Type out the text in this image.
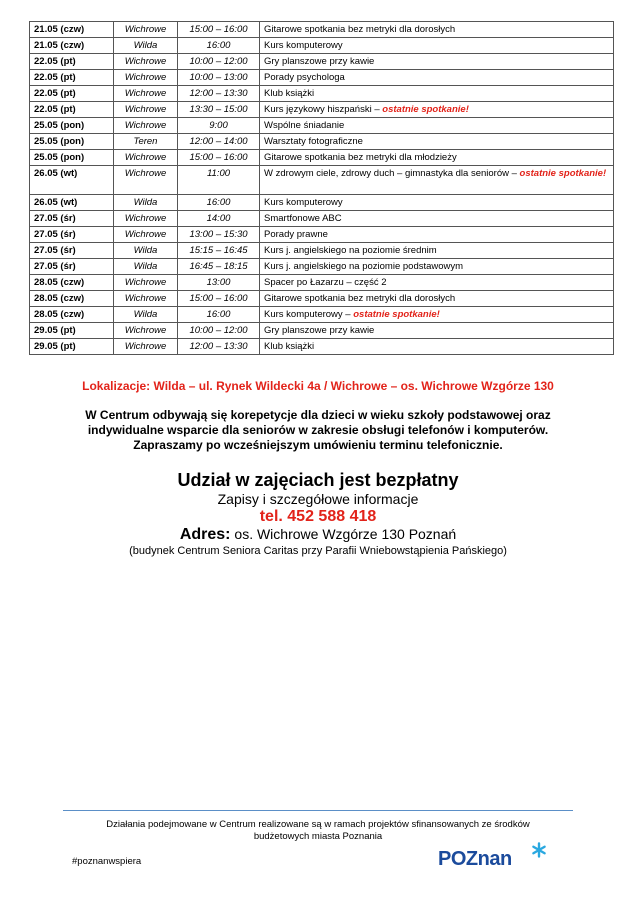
21.05 (czw)	Wichrowe	15:00 – 16:00	Gitarowe spotkania bez metryki dla dorosłych
21.05 (czw)	Wilda	16:00	Kurs komputerowy
22.05 (pt)	Wichrowe	10:00 – 12:00	Gry planszowe przy kawie
22.05 (pt)	Wichrowe	10:00 – 13:00	Porady psychologa
22.05 (pt)	Wichrowe	12:00 – 13:30	Klub książki
22.05 (pt)	Wichrowe	13:30 – 15:00	Kurs językowy hiszpański – ostatnie spotkanie!
25.05 (pon)	Wichrowe	9:00	Wspólne śniadanie
25.05 (pon)	Teren	12:00 – 14:00	Warsztaty fotograficzne
25.05 (pon)	Wichrowe	15:00 – 16:00	Gitarowe spotkania bez metryki dla młodzieży
26.05 (wt)	Wichrowe	11:00	W zdrowym ciele, zdrowy duch – gimnastyka dla seniorów – ostatnie spotkanie!
26.05 (wt)	Wilda	16:00	Kurs komputerowy
27.05 (śr)	Wichrowe	14:00	Smartfonowe ABC
27.05 (śr)	Wichrowe	13:00 – 15:30	Porady prawne
27.05 (śr)	Wilda	15:15 – 16:45	Kurs j. angielskiego na poziomie średnim
27.05 (śr)	Wilda	16:45 – 18:15	Kurs j. angielskiego na poziomie podstawowym
28.05 (czw)	Wichrowe	13:00	Spacer po Łazarzu – część 2
28.05 (czw)	Wichrowe	15:00 – 16:00	Gitarowe spotkania bez metryki dla dorosłych
28.05 (czw)	Wilda	16:00	Kurs komputerowy – ostatnie spotkanie!
29.05 (pt)	Wichrowe	10:00 – 12:00	Gry planszowe przy kawie
29.05 (pt)	Wichrowe	12:00 – 13:30	Klub książki
Lokalizacje: Wilda – ul. Rynek Wildecki 4a / Wichrowe – os. Wichrowe Wzgórze 130
W Centrum odbywają się korepetycje dla dzieci w wieku szkoły podstawowej oraz indywidualne wsparcie dla seniorów w zakresie obsługi telefonów i komputerów. Zapraszamy po wcześniejszym umówieniu terminu telefonicznie.
Udział w zajęciach jest bezpłatny
Zapisy i szczegółowe informacje
tel. 452 588 418
Adres: os. Wichrowe Wzgórze 130 Poznań
(budynek Centrum Seniora Caritas przy Parafii Wniebowstąpienia Pańskiego)
Działania podejmowane w Centrum realizowane są w ramach projektów sfinansowanych ze środków budżetowych miasta Poznania
#poznanwspiera	POZnan
